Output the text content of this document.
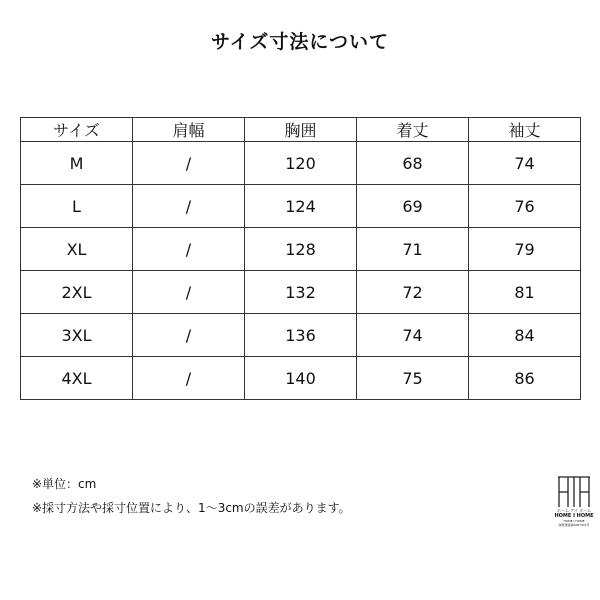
サイズ寸法について
サイズ	肩幅	胸囲	着丈	袖丈
M	/	120	68	74
L	/	124	69	76
XL	/	128	71	79
2XL	/	132	72	81
3XL	/	136	74	84
4XL	/	140	75	86
※単位：cm
※採寸方法や採寸位置により、1～3cmの誤差があります。	ホーム アイ ホーム
HOME I HOME
HOME I HOME
商標登録第6087471号
